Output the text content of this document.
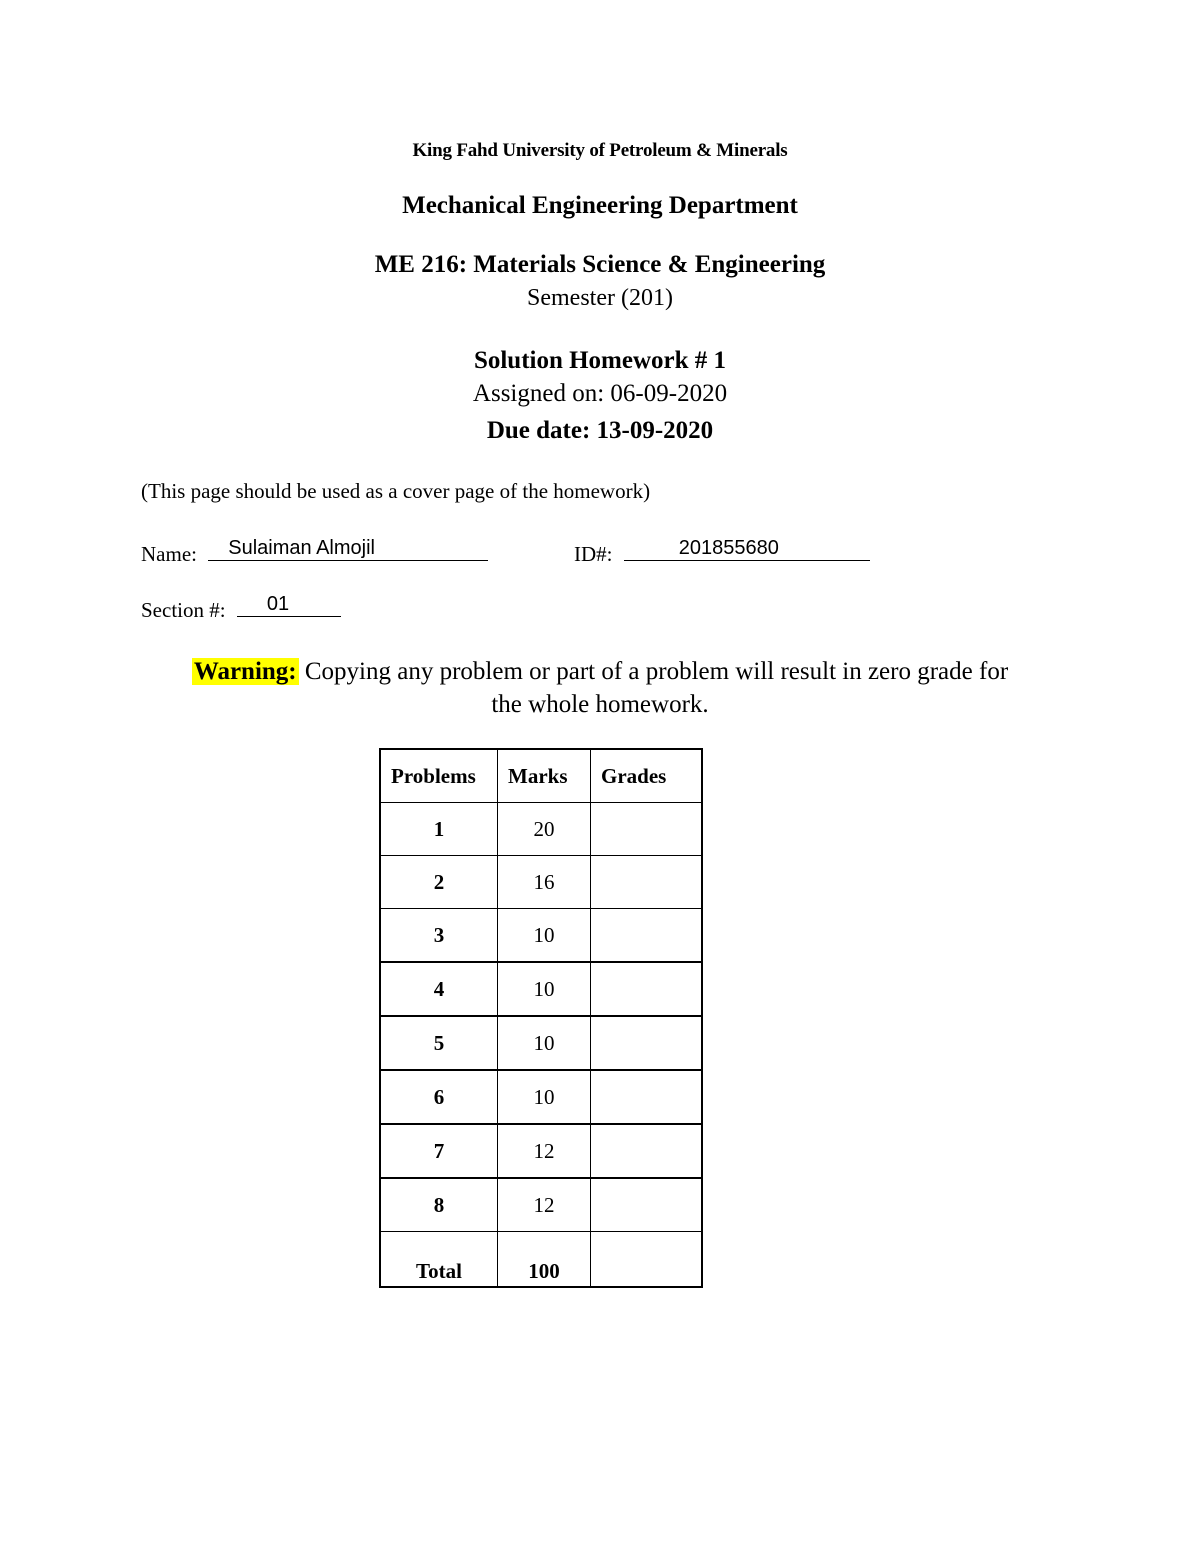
King Fahd University of Petroleum & Minerals
Mechanical Engineering Department
ME 216: Materials Science & Engineering
Semester (201)
Solution Homework # 1
Assigned on: 06-09-2020
Due date: 13-09-2020
(This page should be used as a cover page of the homework)
Name: Sulaiman Almojil	ID#:	201855680
Section #: 01
Warning: Copying any problem or part of a problem will result in zero grade for
the whole homework.
Problems	Marks	Grades
1	20	
2	16	
3	10	
4	10	
5	10	
6	10	
7	12	
8	12	
Total	100	
